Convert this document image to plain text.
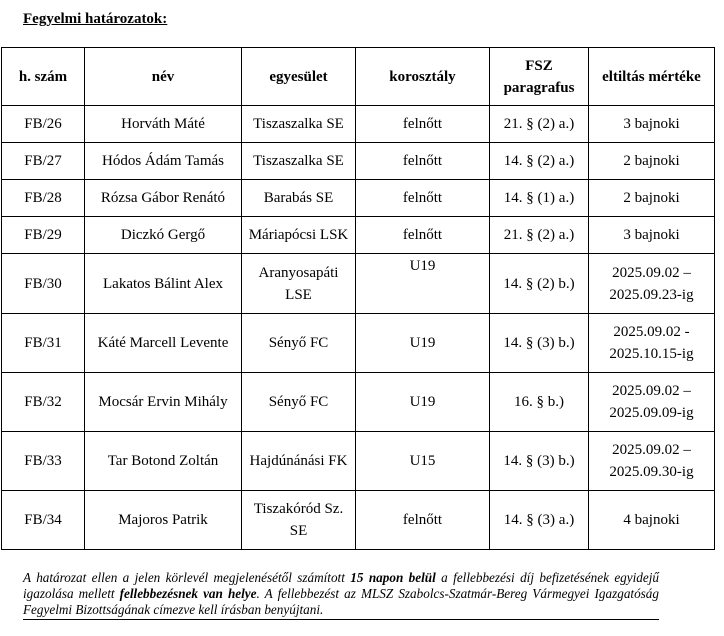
Fegyelmi határozatok:
h. szám	név	egyesület	korosztály	FSZ paragrafus	eltiltás mértéke
FB/26	Horváth Máté	Tiszaszalka SE	felnőtt	21. § (2) a.)	3 bajnoki
FB/27	Hódos Ádám Tamás	Tiszaszalka SE	felnőtt	14. § (2) a.)	2 bajnoki
FB/28	Rózsa Gábor Renátó	Barabás SE	felnőtt	14. § (1) a.)	2 bajnoki
FB/29	Diczkó Gergő	Máriapócsi LSK	felnőtt	21. § (2) a.)	3 bajnoki
FB/30	Lakatos Bálint Alex	Aranyosapáti LSE	U19	14. § (2) b.)	2025.09.02 – 2025.09.23-ig
FB/31	Káté Marcell Levente	Sényő FC	U19	14. § (3) b.)	2025.09.02 - 2025.10.15-ig
FB/32	Mocsár Ervin Mihály	Sényő FC	U19	16. § b.)	2025.09.02 – 2025.09.09-ig
FB/33	Tar Botond Zoltán	Hajdúnánási FK	U15	14. § (3) b.)	2025.09.02 – 2025.09.30-ig
FB/34	Majoros Patrik	Tiszakóród Sz. SE	felnőtt	14. § (3) a.)	4 bajnoki
A határozat ellen a jelen körlevél megjelenésétől számított 15 napon belül a fellebbezési díj befizetésének egyidejű igazolása mellett fellebbezésnek van helye. A fellebbezést az MLSZ Szabolcs-Szatmár-Bereg Vármegyei Igazgatóság Fegyelmi Bizottságának címezve kell írásban benyújtani.
